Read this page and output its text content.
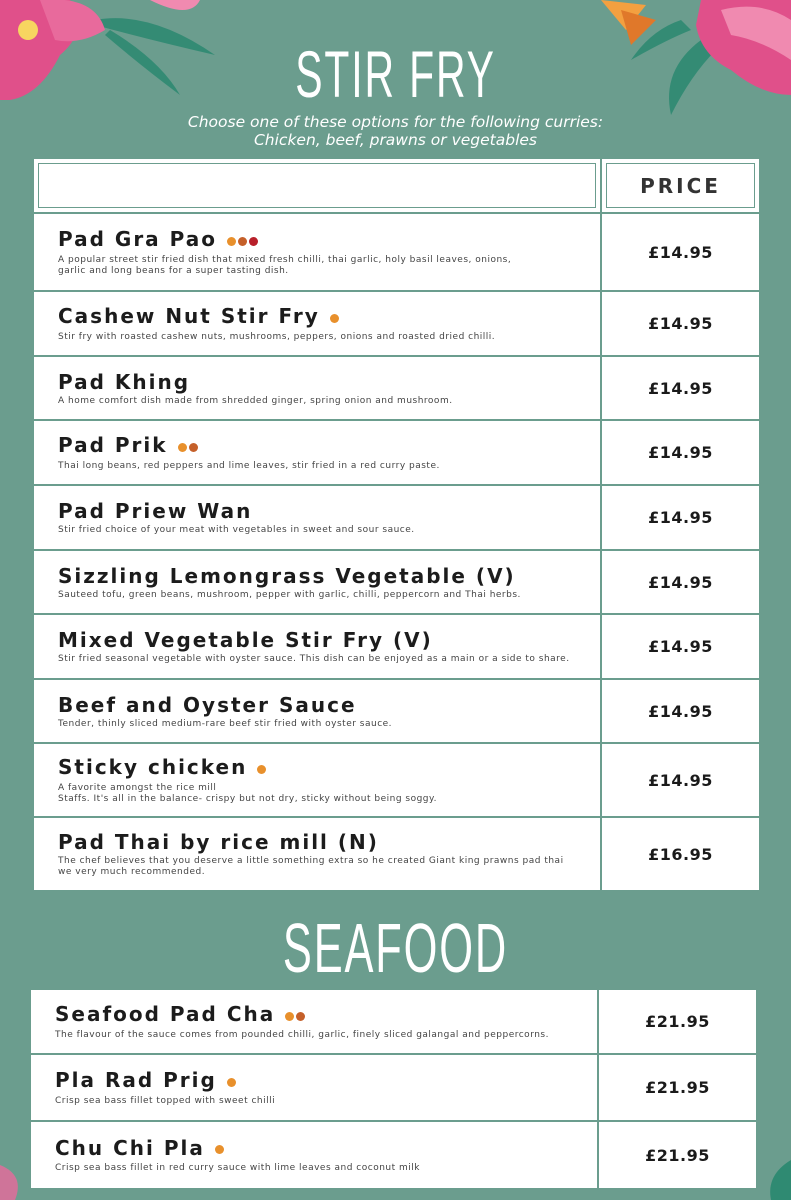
STIR FRY
Choose one of these options for the following curries:
Chicken, beef, prawns or vegetables

PRICE

Pad Gra Pao
A popular street stir fried dish that mixed fresh chilli, thai garlic, holy basil leaves, onions,
garlic and long beans for a super tasting dish.	£14.95

Cashew Nut Stir Fry
Stir fry with roasted cashew nuts, mushrooms, peppers, onions and roasted dried chilli.	£14.95

Pad Khing
A home comfort dish made from shredded ginger, spring onion and mushroom.	£14.95

Pad Prik
Thai long beans, red peppers and lime leaves, stir fried in a red curry paste.	£14.95

Pad Priew Wan
Stir fried choice of your meat with vegetables in sweet and sour sauce.	£14.95

Sizzling Lemongrass Vegetable (V)
Sauteed tofu, green beans, mushroom, pepper with garlic, chilli, peppercorn and Thai herbs.	£14.95

Mixed Vegetable Stir Fry (V)
Stir fried seasonal vegetable with oyster sauce. This dish can be enjoyed as a main or a side to share.	£14.95

Beef and Oyster Sauce
Tender, thinly sliced medium-rare beef stir fried with oyster sauce.	£14.95

Sticky chicken
A favorite amongst the rice mill
Staffs. It's all in the balance- crispy but not dry, sticky without being soggy.	£14.95

Pad Thai by rice mill (N)
The chef believes that you deserve a little something extra so he created Giant king prawns pad thai
we very much recommended.	£16.95
SEAFOOD
Seafood Pad Cha
The flavour of the sauce comes from pounded chilli, garlic, finely sliced galangal and peppercorns.	£21.95

Pla Rad Prig
Crisp sea bass fillet topped with sweet chilli	£21.95

Chu Chi Pla
Crisp sea bass fillet in red curry sauce with lime leaves and coconut milk	£21.95
